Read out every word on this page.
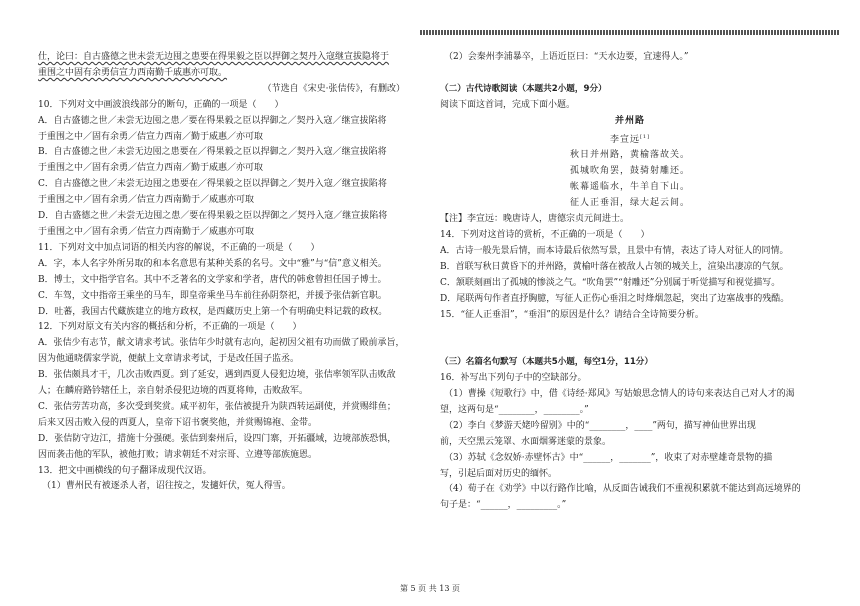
仕，论曰：自古盛德之世未尝无边囤之患要在得果毅之臣以捍御之契丹入寇继宣拔隐将于

重围之中固有余勇信宣力西南勤千戚惠亦可取。

（节选自《宋史·张佶传》，有删改）

10．下列对文中画波浪线部分的断句，正确的一项是（　　）

A．自古盛德之世／未尝无边囤之患／要在得果毅之臣以捍御之／契丹入寇／继宣拔陷将

于重围之中／固有余勇／佶宣力西南／勤于威惠／亦可取

B．自古盛德之世／未尝无边囤之患要在／得果毅之臣以捍御之／契丹入寇／继宣拔陷将

于重围之中／固有余勇／佶宣力西南／勤于威惠／亦可取

C．自古盛德之世／未尝无边囤之患要在／得果毅之臣以捍御之／契丹入寇／继宣拔陷将

于重围之中／固有余勇／佶宣力西南勤于／威惠亦可取

D．自古盛德之世／未尝无边囤之患／要在得果毅之臣以捍御之／契丹入寇／继宣拔陷将

于重围之中／固有余勇／佶宣力西南勤于／威惠亦可取

11．下列对文中加点词语的相关内容的解说，不正确的一项是（　　）

A．字，本人名字外所另取的和本名意思有某种关系的名号。文中“雅”与“信”意义相关。

B．博士，文中指学官名。其中不乏著名的文学家和学者，唐代的韩愈曾担任国子博士。

C．车驾，文中指帝王乘坐的马车，即皇帝乘坐马车前往孙阴祭祀，并援予张佶新官职。

D．吐蕃，我国古代藏族建立的地方政权，是西藏历史上第一个有明确史料记载的政权。

12．下列对原文有关内容的概括和分析，不正确的一项是（　　）

A．张佶少有志节，献文请求考试。张佶年少时就有志向，起初因父祖有功而做了殿前承旨，

因为他通晓儒家学说，便献上文章请求考试，于是改任国子监丞。

B．张佶颇具才干，几次击败西夏。到了延安，遇到西夏人侵犯边境，张佶率领军队击败敌

人；在麟府路钤辖任上，亲自射杀侵犯边境的西夏将帅，击败敌军。

C．张佶劳苦功高，多次受到奖赏。咸平初年，张佶被提升为陕西转运副使，并赏赐绯鱼；

后来又因击败入侵的西夏人，皇帝下诏书褒奖他，并赏赐锦袍、金带。

D．张佶防守边江，措施十分强硬。张佶到秦州后，设四门寨，开拓疆域，边境部族恐惧，

因而袭击他的军队，被他打败；请求朝廷不对宗哥、立遵等部族施恩。

13．把文中画横线的句子翻译成现代汉语。

（1）曹州民有被逐杀人者，诏往按之，发擿奸伏，冤人得雪。

（2）会秦州李浦暴卒，上语近臣曰：“天水边要，宜速得人。”

（二）古代诗歌阅读（本题共2小题，9分）

阅读下面这首词，完成下面小题。

并州路

李宣远[1]

秋日并州路，黄榆落故关。

孤城吹角罢，鼓骑射雕还。

帐幕遥临水，牛羊自下山。

征人正垂泪，绿大起云间。

【注】李宣远：晚唐诗人，唐德宗贞元间进士。

14．下列对这首诗的赏析，不正确的一项是（　　）

A．古诗一般先景后情，而本诗最后依然写景，且景中有情，表达了诗人对征人的同情。

B．首联写秋日黄昏下的并州路，黄榆叶落在被敌人占领的城关上，渲染出凄凉的气氛。

C．颔联刻画出了孤城的惨淡之气。“吹角罢”“射雕还”分别属于听觉描写和视觉描写。

D．尾联两句作者直抒胸臆，写征人正伤心垂泪之时烽烟忽起，突出了边塞战事的残酷。

15．“征人正垂泪”，“垂泪”的原因是什么？请结合全诗简要分析。

（三）名篇名句默写（本题共5小题，每空1分，11分）

16．补写出下列句子中的空缺部分。

（1）曹操《短歌行》中，借《诗经·郑风》写姑娘思念情人的诗句来表达自己对人才的渴

望，这两句是“________，________。”

（2）李白《梦游天姥吟留别》中的“________，____”两句，描写神仙世界出现

前，天空黑云笼罩、水面烟雾迷蒙的景象。

（3）苏轼《念奴娇·赤壁怀古》中“______，_______”，收束了对赤壁雄奇景物的描

写，引起后面对历史的缅怀。

（4）荀子在《劝学》中以行路作比喻，从反面告诫我们不重视积累就不能达到高远境界的

句子是：“______，_________。”

第 5 页 共 13 页
